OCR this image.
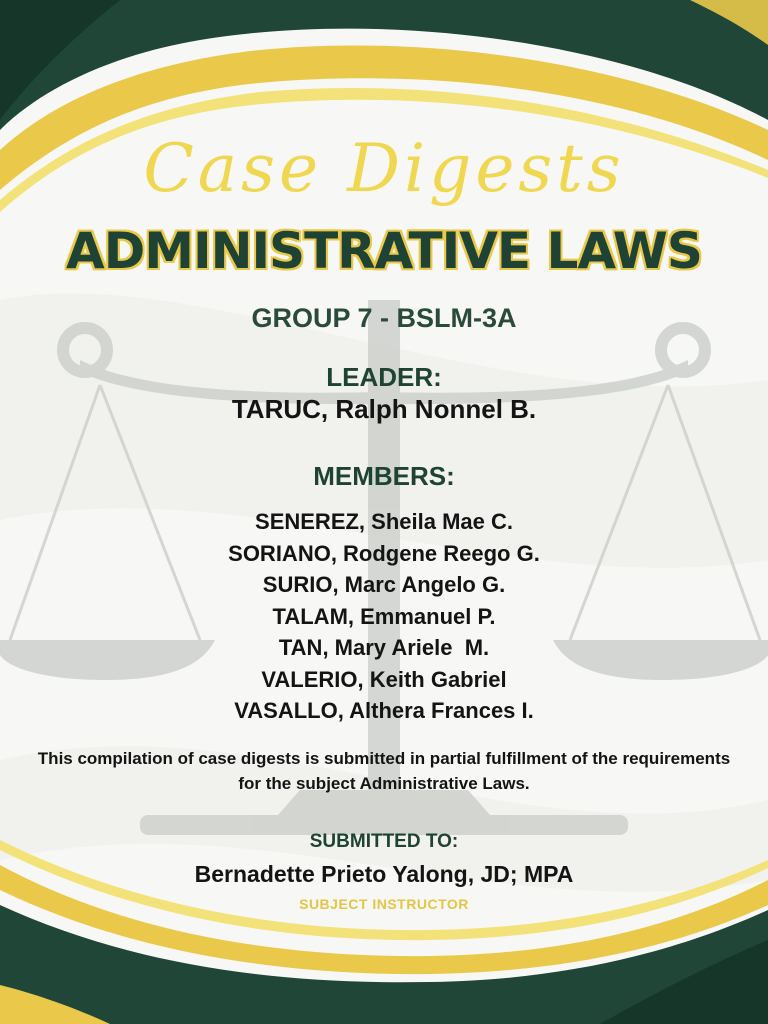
Case Digests
ADMINISTRATIVE LAWS
GROUP 7 - BSLM-3A
LEADER:
TARUC, Ralph Nonnel B.
MEMBERS:
SENEREZ, Sheila Mae C.
SORIANO, Rodgene Reego G.
SURIO, Marc Angelo G.
TALAM, Emmanuel P.
TAN, Mary Ariele  M.
VALERIO, Keith Gabriel
VASALLO, Althera Frances I.

This compilation of case digests is submitted in partial fulfillment of the requirements for the subject Administrative Laws.

SUBMITTED TO:
Bernadette Prieto Yalong, JD; MPA
SUBJECT INSTRUCTOR
